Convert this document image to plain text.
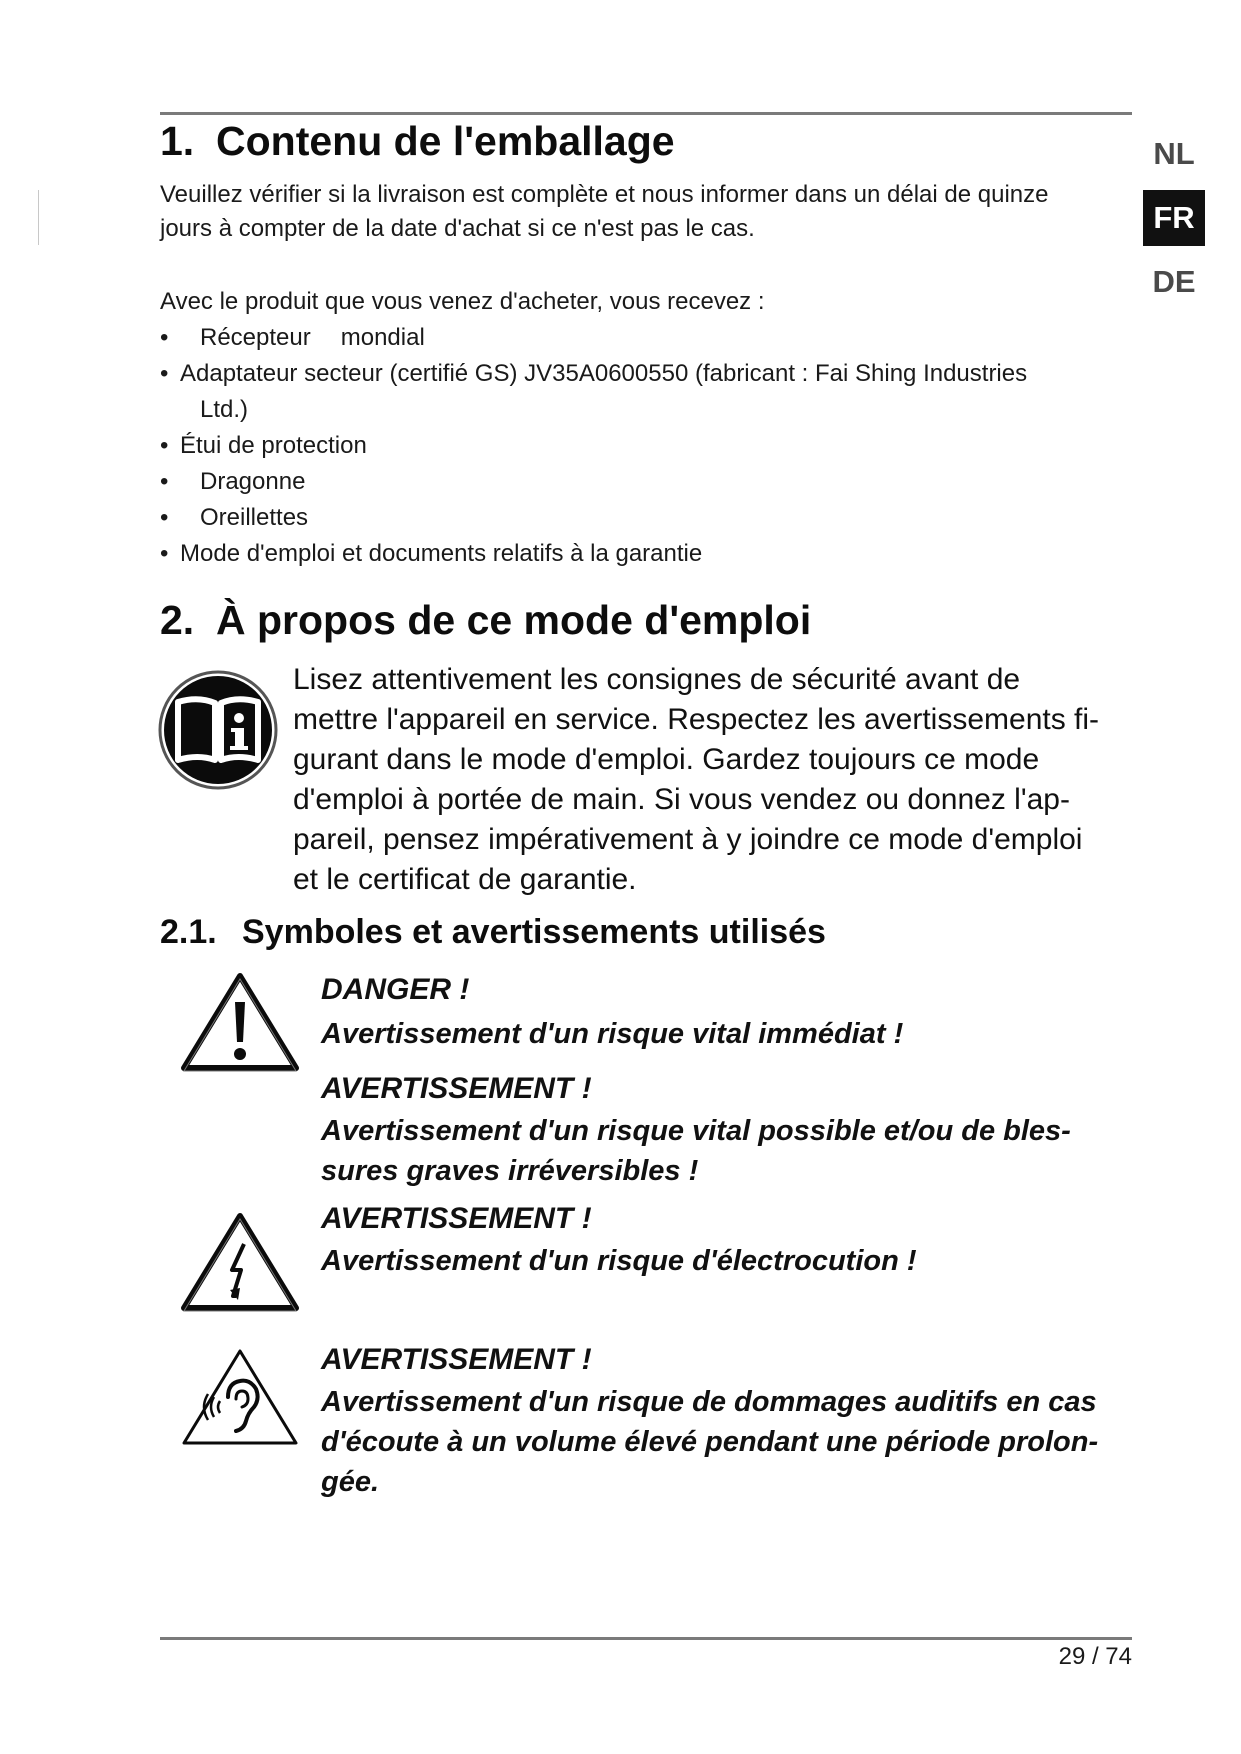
NL
FR
DE
1. Contenu de l'emballage

Veuillez vérifier si la livraison est complète et nous informer dans un délai de quinze
jours à compter de la date d'achat si ce n'est pas le cas.

Avec le produit que vous venez d'acheter, vous recevez :

• Récepteur mondial
• Adaptateur secteur (certifié GS) JV35A0600550 (fabricant : Fai Shing Industries
Ltd.)
• Étui de protection
• Dragonne
• Oreillettes
• Mode d'emploi et documents relatifs à la garantie
2. À propos de ce mode d'emploi

Lisez attentivement les consignes de sécurité avant de
mettre l'appareil en service. Respectez les avertissements fi-
gurant dans le mode d'emploi. Gardez toujours ce mode
d'emploi à portée de main. Si vous vendez ou donnez l'ap-
pareil, pensez impérativement à y joindre ce mode d'emploi
et le certificat de garantie.

2.1. Symboles et avertissements utilisés
DANGER !
Avertissement d'un risque vital immédiat !
AVERTISSEMENT !
Avertissement d'un risque vital possible et/ou de bles-
sures graves irréversibles !
AVERTISSEMENT !
Avertissement d'un risque d'électrocution !
AVERTISSEMENT !
Avertissement d'un risque de dommages auditifs en cas
d'écoute à un volume élevé pendant une période prolon-
gée.
29 / 74
